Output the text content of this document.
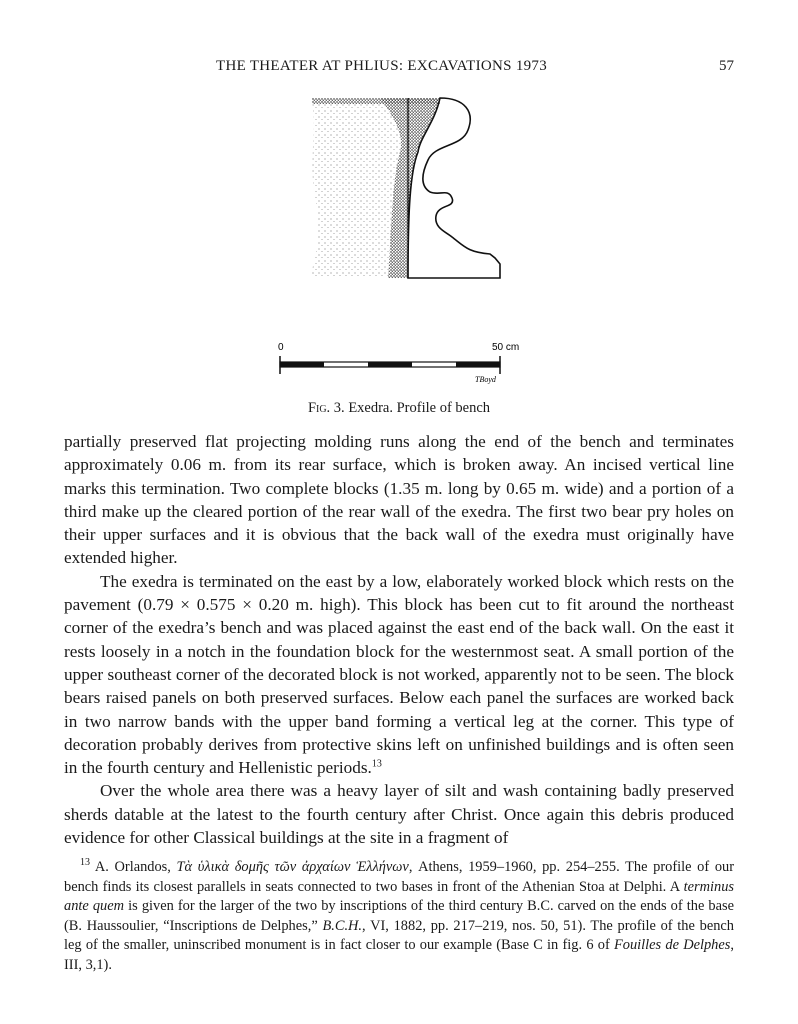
THE THEATER AT PHLIUS: EXCAVATIONS 1973	57
0	50 cm
TBoyd
Fig. 3. Exedra. Profile of bench

partially preserved flat projecting molding runs along the end of the bench and terminates approximately 0.06 m. from its rear surface, which is broken away. An incised vertical line marks this termination. Two complete blocks (1.35 m. long by 0.65 m. wide) and a portion of a third make up the cleared portion of the rear wall of the exedra. The first two bear pry holes on their upper surfaces and it is obvious that the back wall of the exedra must originally have extended higher.

The exedra is terminated on the east by a low, elaborately worked block which rests on the pavement (0.79 × 0.575 × 0.20 m. high). This block has been cut to fit around the northeast corner of the exedra’s bench and was placed against the east end of the back wall. On the east it rests loosely in a notch in the foundation block for the westernmost seat. A small portion of the upper southeast corner of the decorated block is not worked, apparently not to be seen. The block bears raised panels on both preserved surfaces. Below each panel the surfaces are worked back in two narrow bands with the upper band forming a vertical leg at the corner. This type of decoration probably derives from protective skins left on unfinished buildings and is often seen in the fourth century and Hellenistic periods.$^{13}$

Over the whole area there was a heavy layer of silt and wash containing badly preserved sherds datable at the latest to the fourth century after Christ. Once again this debris produced evidence for other Classical buildings at the site in a fragment of

$^{13}$ A. Orlandos, Τὰ ὑλικὰ δομῆς τῶν ἀρχαίων Ἑλλήνων, Athens, 1959–1960, pp. 254–255. The profile of our bench finds its closest parallels in seats connected to two bases in front of the Athenian Stoa at Delphi. A terminus ante quem is given for the larger of the two by inscriptions of the third century B.C. carved on the ends of the base (B. Haussoulier, “Inscriptions de Delphes,” B.C.H., VI, 1882, pp. 217–219, nos. 50, 51). The profile of the bench leg of the smaller, uninscribed monument is in fact closer to our example (Base C in fig. 6 of Fouilles de Delphes, III, 3,1).
